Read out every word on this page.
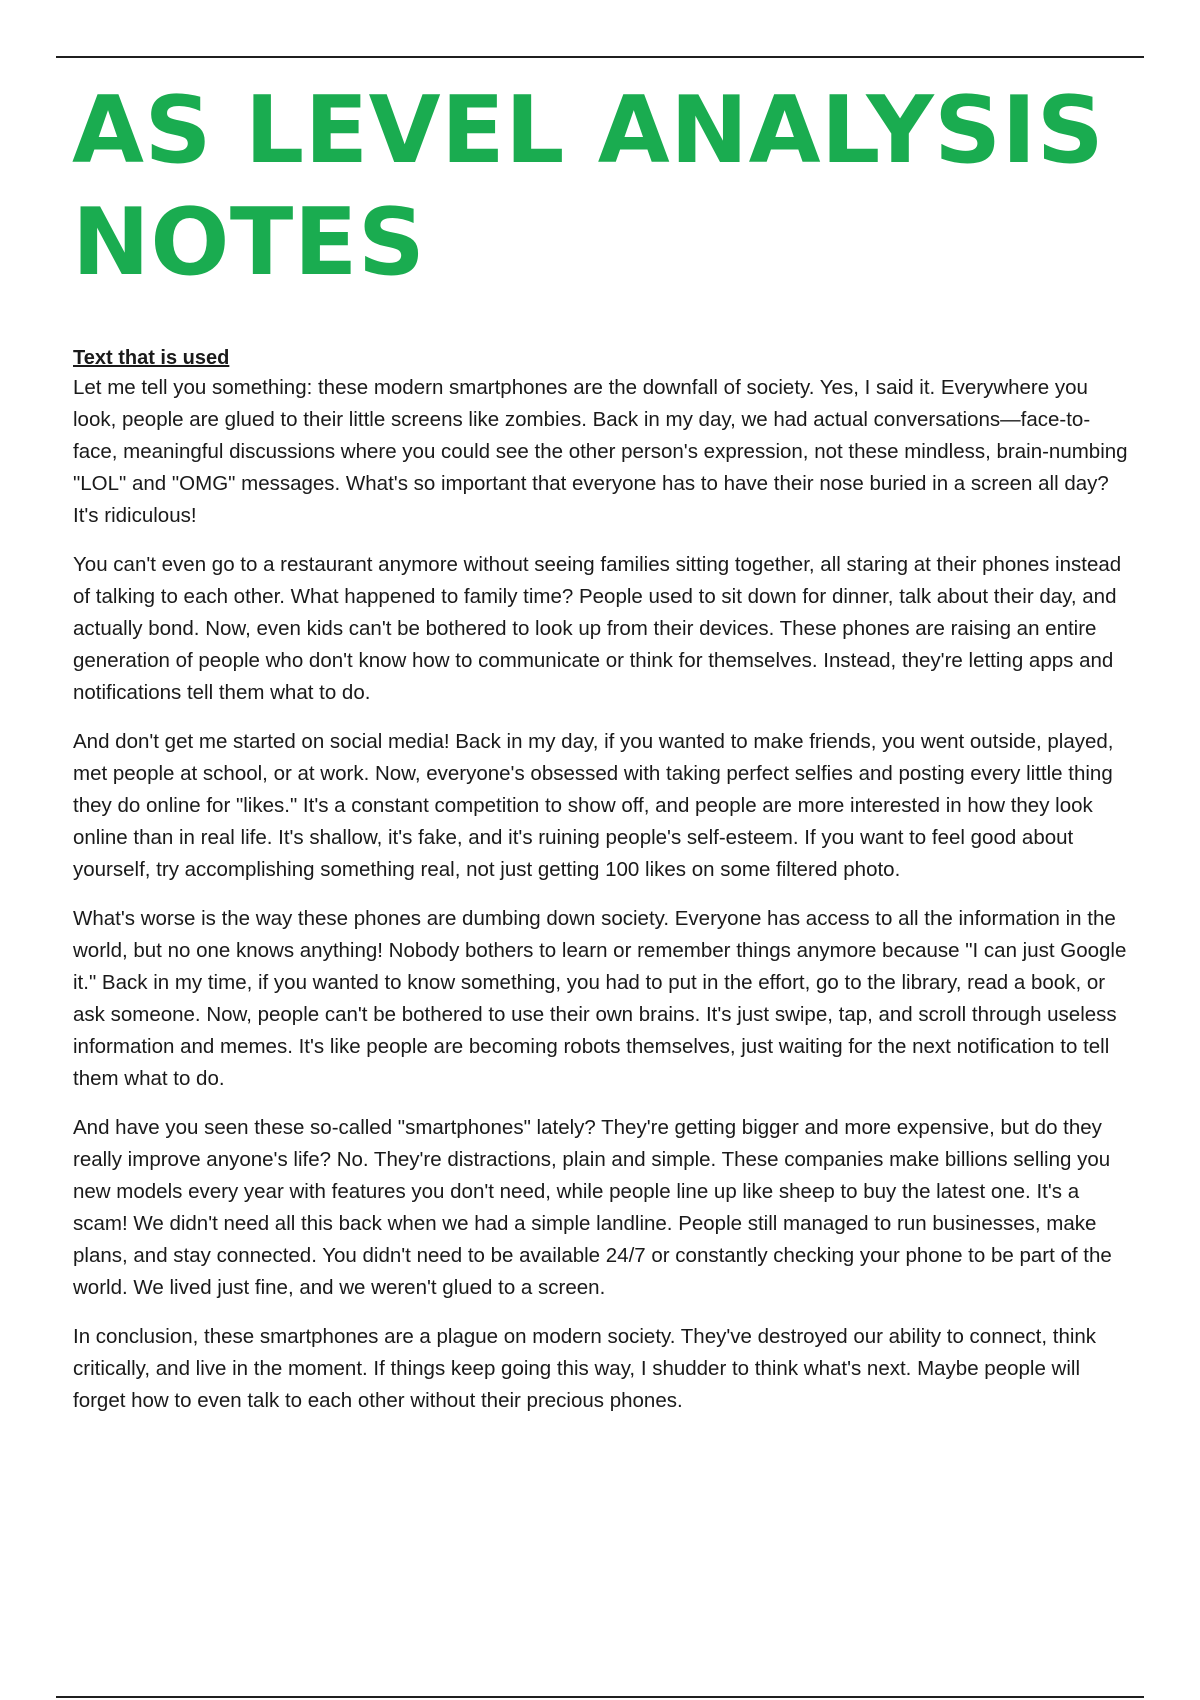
AS LEVEL ANALYSIS NOTES
Text that is used

Let me tell you something: these modern smartphones are the downfall of society. Yes, I said it. Everywhere you look, people are glued to their little screens like zombies. Back in my day, we had actual conversations—face-to-face, meaningful discussions where you could see the other person's expression, not these mindless, brain-numbing "LOL" and "OMG" messages. What's so important that everyone has to have their nose buried in a screen all day? It's ridiculous!

You can't even go to a restaurant anymore without seeing families sitting together, all staring at their phones instead of talking to each other. What happened to family time? People used to sit down for dinner, talk about their day, and actually bond. Now, even kids can't be bothered to look up from their devices. These phones are raising an entire generation of people who don't know how to communicate or think for themselves. Instead, they're letting apps and notifications tell them what to do.

And don't get me started on social media! Back in my day, if you wanted to make friends, you went outside, played, met people at school, or at work. Now, everyone's obsessed with taking perfect selfies and posting every little thing they do online for "likes." It's a constant competition to show off, and people are more interested in how they look online than in real life. It's shallow, it's fake, and it's ruining people's self-esteem. If you want to feel good about yourself, try accomplishing something real, not just getting 100 likes on some filtered photo.

What's worse is the way these phones are dumbing down society. Everyone has access to all the information in the world, but no one knows anything! Nobody bothers to learn or remember things anymore because "I can just Google it." Back in my time, if you wanted to know something, you had to put in the effort, go to the library, read a book, or ask someone. Now, people can't be bothered to use their own brains. It's just swipe, tap, and scroll through useless information and memes. It's like people are becoming robots themselves, just waiting for the next notification to tell them what to do.

And have you seen these so-called "smartphones" lately? They're getting bigger and more expensive, but do they really improve anyone's life? No. They're distractions, plain and simple. These companies make billions selling you new models every year with features you don't need, while people line up like sheep to buy the latest one. It's a scam! We didn't need all this back when we had a simple landline. People still managed to run businesses, make plans, and stay connected. You didn't need to be available 24/7 or constantly checking your phone to be part of the world. We lived just fine, and we weren't glued to a screen.

In conclusion, these smartphones are a plague on modern society. They've destroyed our ability to connect, think critically, and live in the moment. If things keep going this way, I shudder to think what's next. Maybe people will forget how to even talk to each other without their precious phones.
